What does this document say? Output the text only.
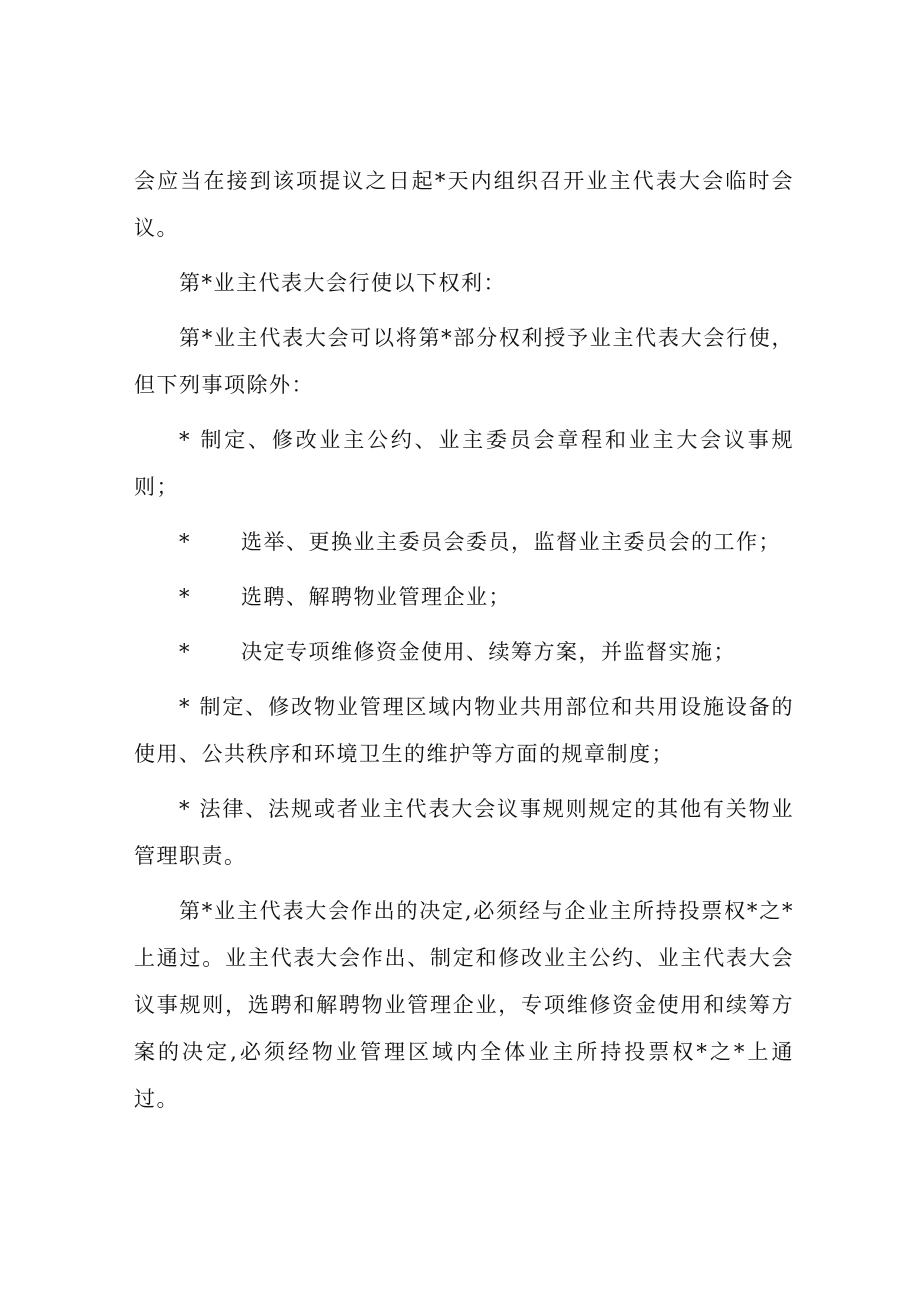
会应当在接到该项提议之日起*天内组织召开业主代表大会临时会议。

第*业主代表大会行使以下权利：

第*业主代表大会可以将第*部分权利授予业主代表大会行使，但下列事项除外：

* 制定、修改业主公约、业主委员会章程和业主大会议事规则；

*	选举、更换业主委员会委员，监督业主委员会的工作；
*	选聘、解聘物业管理企业；
*	决定专项维修资金使用、续筹方案，并监督实施；

* 制定、修改物业管理区域内物业共用部位和共用设施设备的使用、公共秩序和环境卫生的维护等方面的规章制度；

* 法律、法规或者业主代表大会议事规则规定的其他有关物业管理职责。

第*业主代表大会作出的决定,必须经与企业主所持投票权*之*上通过。业主代表大会作出、制定和修改业主公约、业主代表大会议事规则，选聘和解聘物业管理企业，专项维修资金使用和续筹方案的决定,必须经物业管理区域内全体业主所持投票权*之*上通过。
